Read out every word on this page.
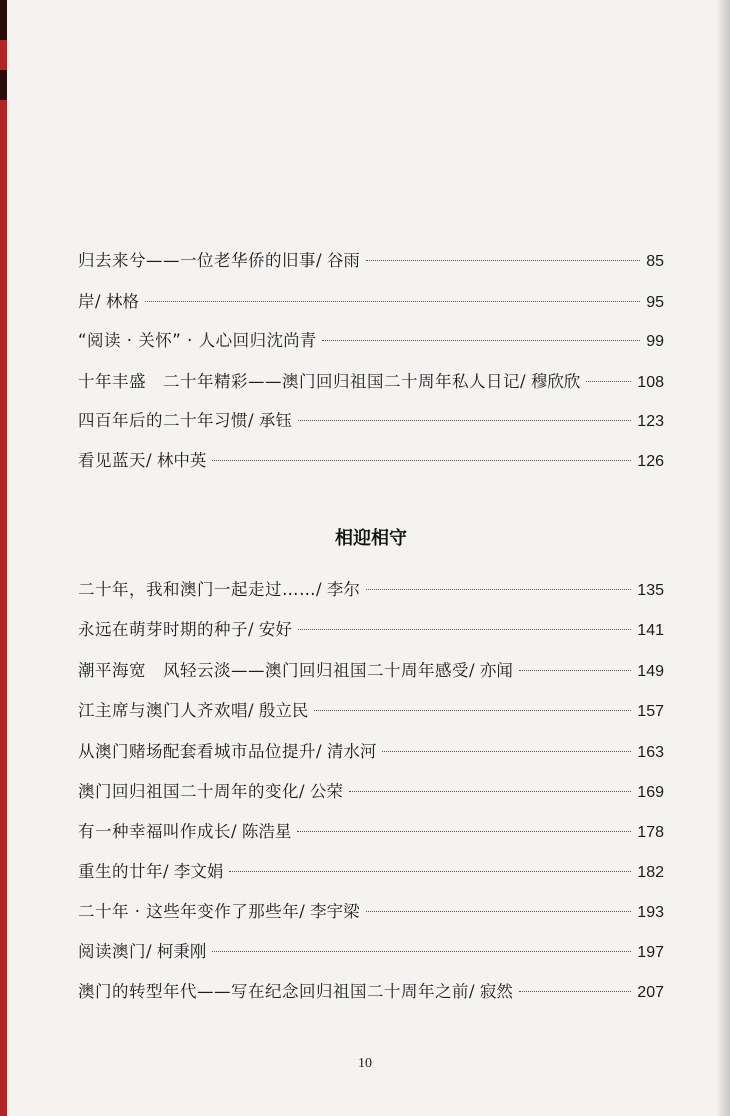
归去来兮——一位老华侨的旧事 / 谷雨	85
岸 / 林格	95
“阅读 · 关怀” · 人心回归 沈尚青	99
十年丰盛　二十年精彩——澳门回归祖国二十周年私人日记 / 穆欣欣	108
四百年后的二十年习惯 / 承钰	123
看见蓝天 / 林中英	126
相迎相守
二十年，我和澳门一起走过…… / 李尔	135
永远在萌芽时期的种子 / 安好	141
潮平海宽　风轻云淡——澳门回归祖国二十周年感受 / 亦闻	149
江主席与澳门人齐欢唱 / 殷立民	157
从澳门赌场配套看城市品位提升 / 清水河	163
澳门回归祖国二十周年的变化 / 公荣	169
有一种幸福叫作成长 / 陈浩星	178
重生的廿年 / 李文娟	182
二十年 · 这些年变作了那些年 / 李宇梁	193
阅读澳门 / 柯秉刚	197
澳门的转型年代——写在纪念回归祖国二十周年之前 / 寂然	207
10
